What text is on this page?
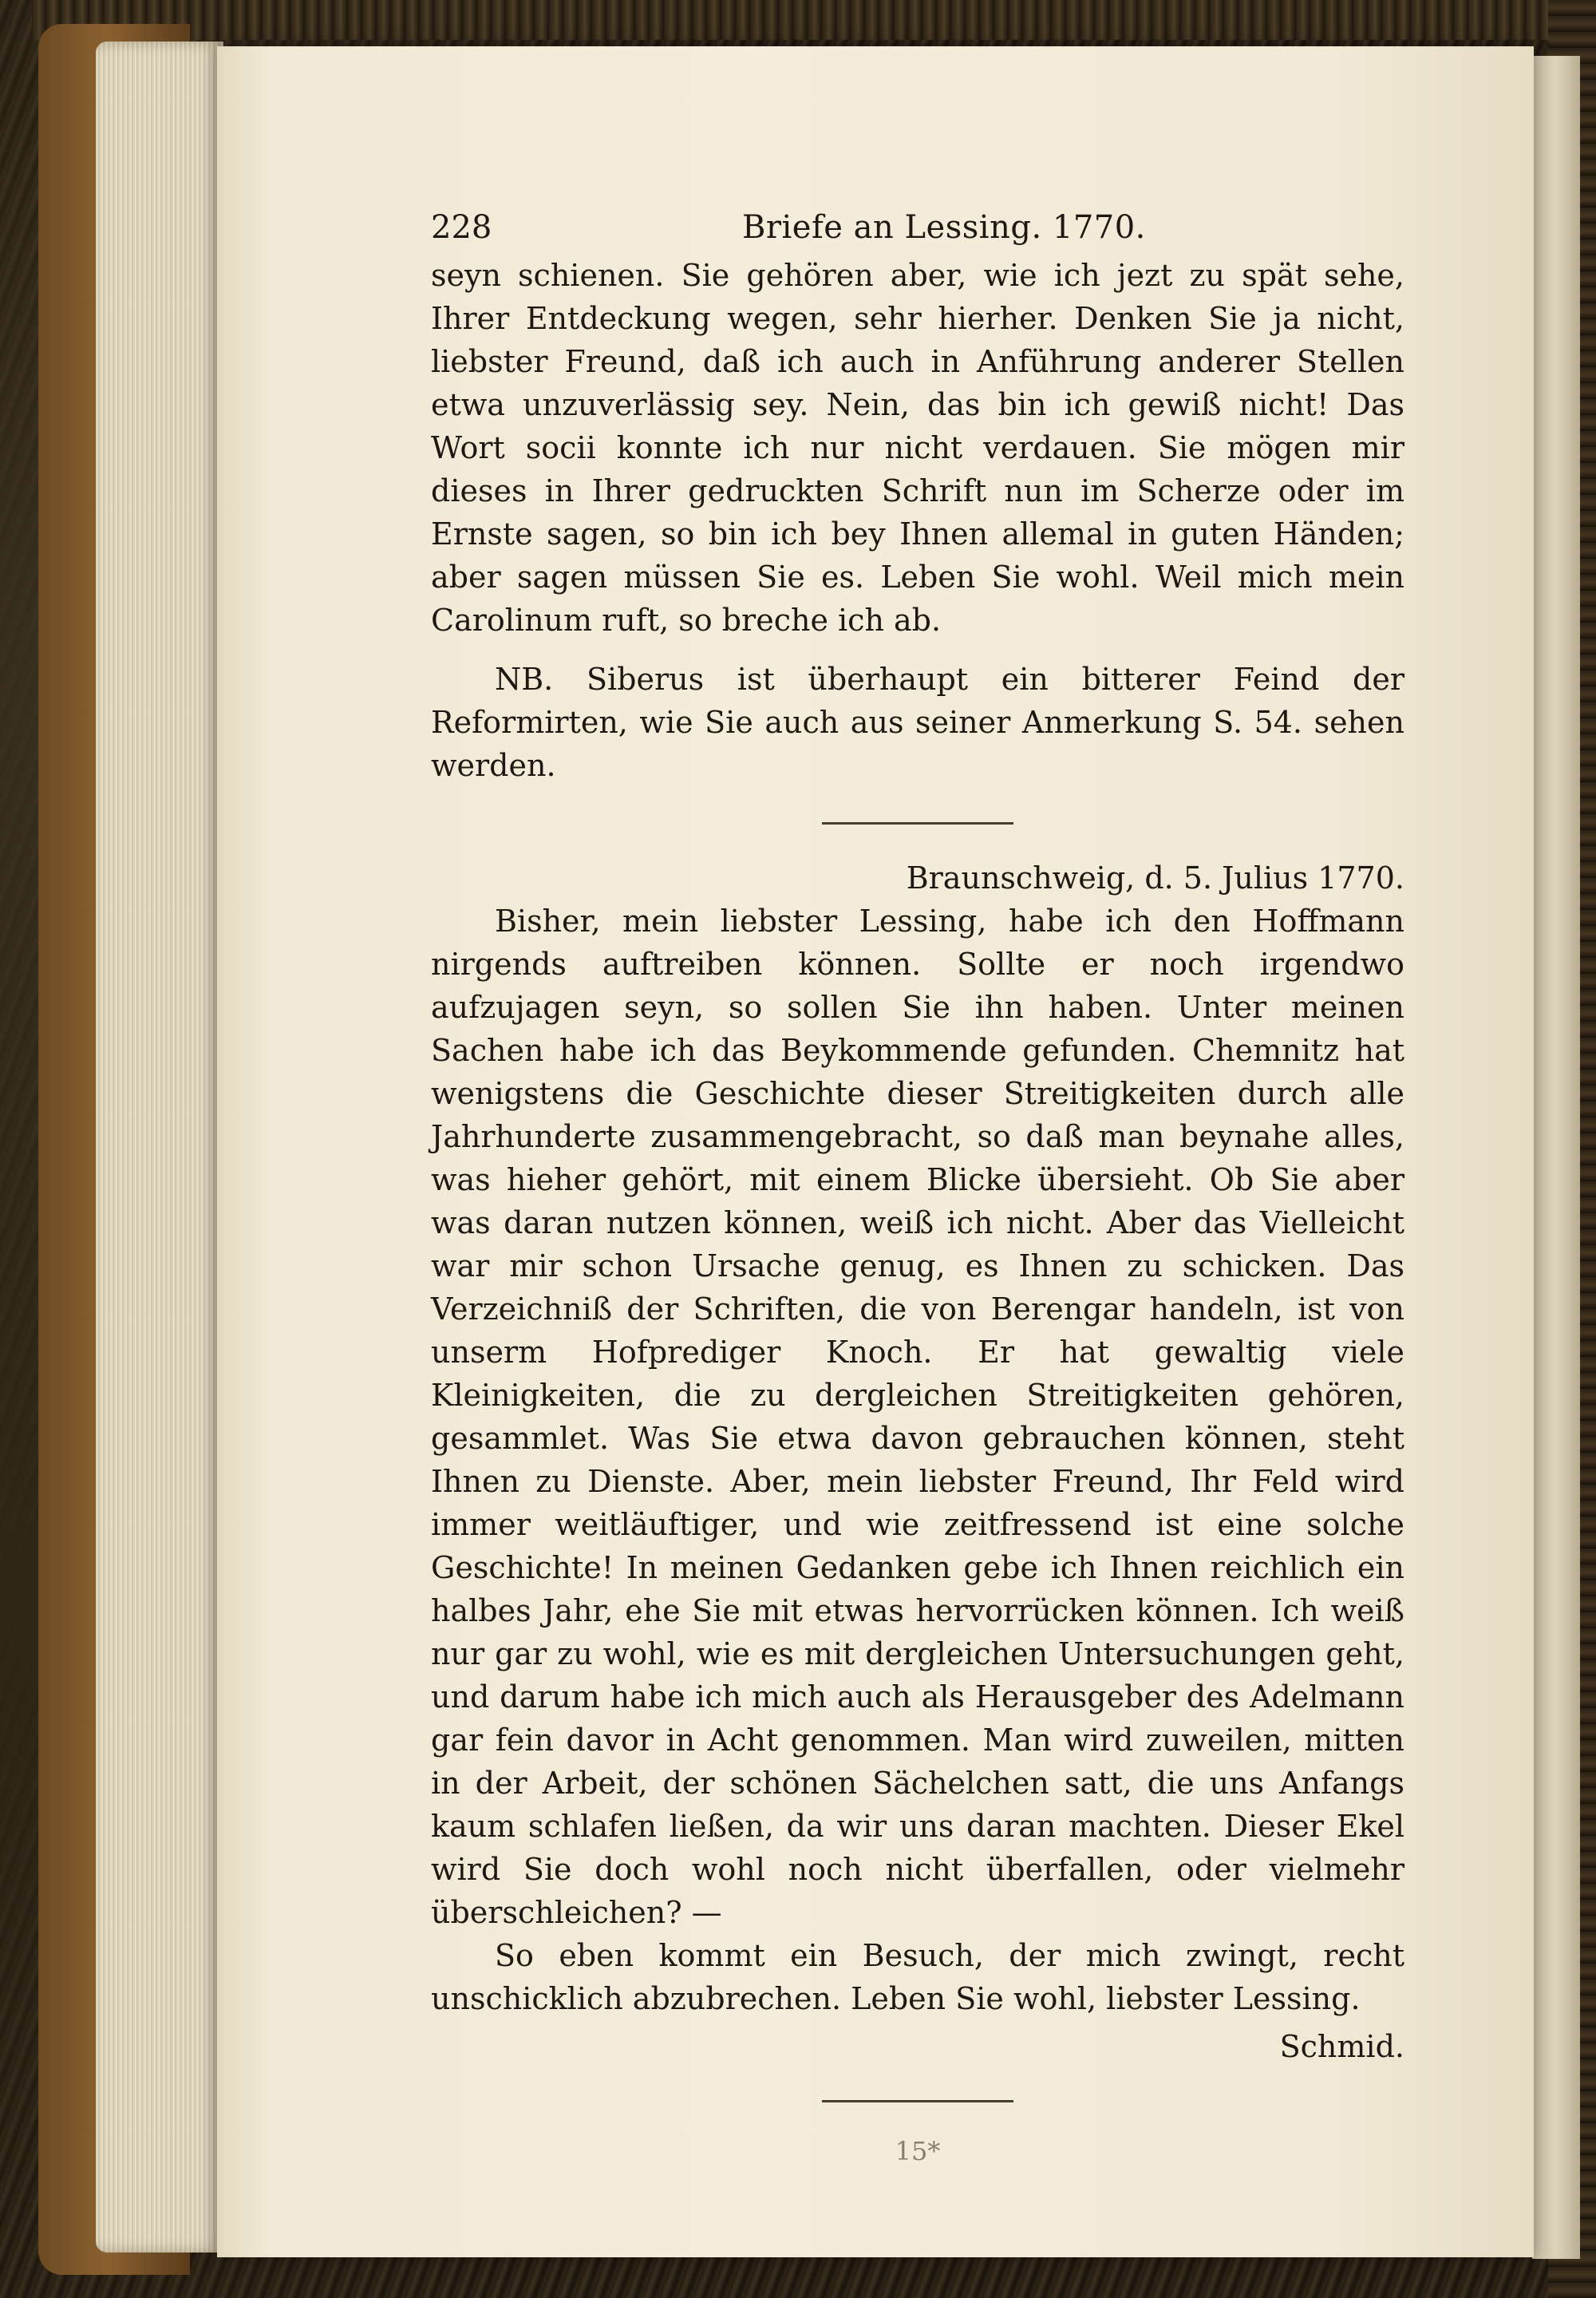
228	Briefe an Lessing. 1770.

seyn schienen. Sie gehören aber, wie ich jezt zu spät sehe, Ihrer Entdeckung wegen, sehr hierher. Denken Sie ja nicht, liebster Freund, daß ich auch in Anführung anderer Stellen etwa unzuverlässig sey. Nein, das bin ich gewiß nicht! Das Wort socii konnte ich nur nicht verdauen. Sie mögen mir dieses in Ihrer gedruckten Schrift nun im Scherze oder im Ernste sagen, so bin ich bey Ihnen allemal in guten Händen; aber sagen müssen Sie es. Leben Sie wohl. Weil mich mein Carolinum ruft, so breche ich ab.

NB. Siberus ist überhaupt ein bitterer Feind der Reformirten, wie Sie auch aus seiner Anmerkung S. 54. sehen werden.

Braunschweig, d. 5. Julius 1770.

Bisher, mein liebster Lessing, habe ich den Hoffmann nirgends auftreiben können. Sollte er noch irgendwo aufzujagen seyn, so sollen Sie ihn haben. Unter meinen Sachen habe ich das Beykommende gefunden. Chemnitz hat wenigstens die Geschichte dieser Streitigkeiten durch alle Jahrhunderte zusammengebracht, so daß man beynahe alles, was hieher gehört, mit einem Blicke übersieht. Ob Sie aber was daran nutzen können, weiß ich nicht. Aber das Vielleicht war mir schon Ursache genug, es Ihnen zu schicken. Das Verzeichniß der Schriften, die von Berengar handeln, ist von unserm Hofprediger Knoch. Er hat gewaltig viele Kleinigkeiten, die zu dergleichen Streitigkeiten gehören, gesammlet. Was Sie etwa davon gebrauchen können, steht Ihnen zu Dienste. Aber, mein liebster Freund, Ihr Feld wird immer weitläuftiger, und wie zeitfressend ist eine solche Geschichte! In meinen Gedanken gebe ich Ihnen reichlich ein halbes Jahr, ehe Sie mit etwas hervorrücken können. Ich weiß nur gar zu wohl, wie es mit dergleichen Untersuchungen geht, und darum habe ich mich auch als Herausgeber des Adelmann gar fein davor in Acht genommen. Man wird zuweilen, mitten in der Arbeit, der schönen Sächelchen satt, die uns Anfangs kaum schlafen ließen, da wir uns daran machten. Dieser Ekel wird Sie doch wohl noch nicht überfallen, oder vielmehr überschleichen? —

So eben kommt ein Besuch, der mich zwingt, recht unschicklich abzubrechen. Leben Sie wohl, liebster Lessing.

Schmid.

15*
